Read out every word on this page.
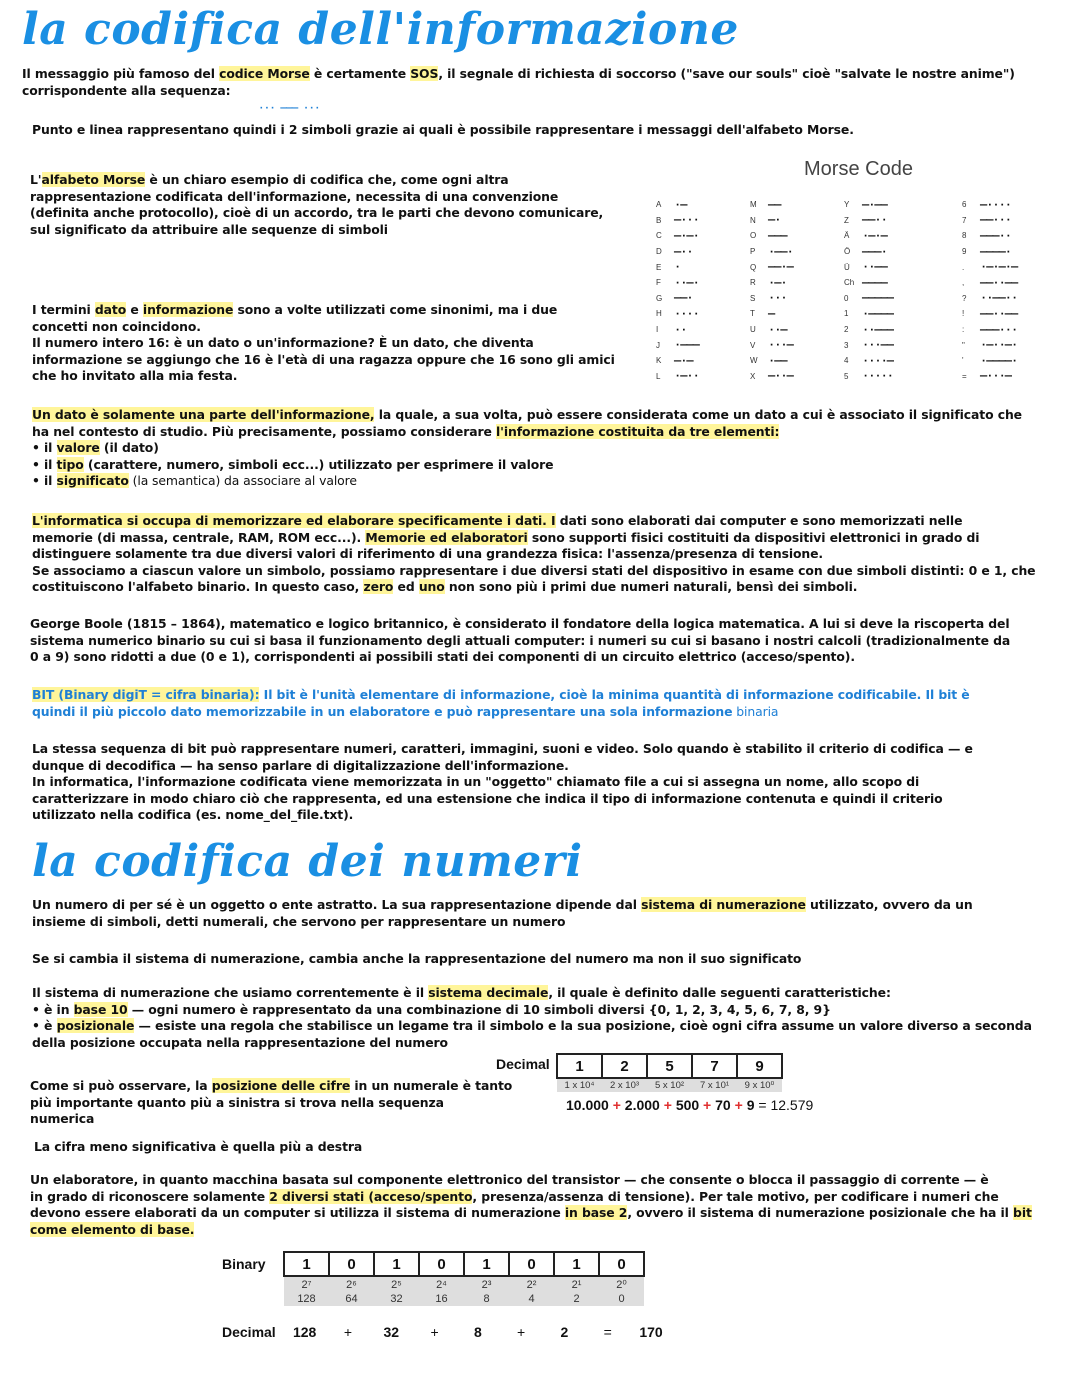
la codifica dell'informazione
Il messaggio più famoso del codice Morse è certamente SOS, il segnale di richiesta di soccorso ("save our souls" cioè "salvate le nostre anime")
corrispondente alla sequenza:
··· ——— ···
Punto e linea rappresentano quindi i 2 simboli grazie ai quali è possibile rappresentare i messaggi dell'alfabeto Morse.
L'alfabeto Morse è un chiaro esempio di codifica che, come ogni altra
rappresentazione codificata dell'informazione, necessita di una convenzione
(definita anche protocollo), cioè di un accordo, tra le parti che devono comunicare,
sul significato da attribuire alle sequenze di simboli
I termini dato e informazione sono a volte utilizzati come sinonimi, ma i due
concetti non coincidono.
Il numero intero 16: è un dato o un'informazione? È un dato, che diventa
informazione se aggiungo che 16 è l'età di una ragazza oppure che 16 sono gli amici
che ho invitato alla mia festa.
Morse Code
A	·—
B	—···
C	—·—·
D	—··
E	·
F	··—·
G ——·
H	····
I	··
J	·———
K	—·—
L	·—··
M ——
N	—·
O ———
P	·——·
Q ——·—
R	·—·
S	···
T	—
U	··—
V	···—
W ·——
X	—··—
Y	—·——
Z	——··
Ä	·—·—
Ö ———·
Ü	··——
Ch ————
0	—————
1	·————
2	··———
3	···——
4	····—
5	·····
6	—····
7	——···
8	———··
9	————·
.	·—·—·—
,	——··——
?	··——··
!	——··——
:	———···
"	·—··—·
'	·————·
=	—···—
Un dato è solamente una parte dell'informazione, la quale, a sua volta, può essere considerata come un dato a cui è associato il significato che
ha nel contesto di studio. Più precisamente, possiamo considerare l'informazione costituita da tre elementi:
• il valore (il dato)
• il tipo (carattere, numero, simboli ecc...) utilizzato per esprimere il valore
• il significato (la semantica) da associare al valore
L'informatica si occupa di memorizzare ed elaborare specificamente i dati. I dati sono elaborati dai computer e sono memorizzati nelle
memorie (di massa, centrale, RAM, ROM ecc...). Memorie ed elaboratori sono supporti fisici costituiti da dispositivi elettronici in grado di
distinguere solamente tra due diversi valori di riferimento di una grandezza fisica: l'assenza/presenza di tensione.
Se associamo a ciascun valore un simbolo, possiamo rappresentare i due diversi stati del dispositivo in esame con due simboli distinti: 0 e 1, che
costituiscono l'alfabeto binario. In questo caso, zero ed uno non sono più i primi due numeri naturali, bensì dei simboli.
George Boole (1815 – 1864), matematico e logico britannico, è considerato il fondatore della logica matematica. A lui si deve la riscoperta del
sistema numerico binario su cui si basa il funzionamento degli attuali computer: i numeri su cui si basano i nostri calcoli (tradizionalmente da
0 a 9) sono ridotti a due (0 e 1), corrispondenti ai possibili stati dei componenti di un circuito elettrico (acceso/spento).
BIT (Binary digiT = cifra binaria): Il bit è l'unità elementare di informazione, cioè la minima quantità di informazione codificabile. Il bit è
quindi il più piccolo dato memorizzabile in un elaboratore e può rappresentare una sola informazione binaria
La stessa sequenza di bit può rappresentare numeri, caratteri, immagini, suoni e video. Solo quando è stabilito il criterio di codifica — e
dunque di decodifica — ha senso parlare di digitalizzazione dell'informazione.
In informatica, l'informazione codificata viene memorizzata in un "oggetto" chiamato file a cui si assegna un nome, allo scopo di
caratterizzare in modo chiaro ciò che rappresenta, ed una estensione che indica il tipo di informazione contenuta e quindi il criterio
utilizzato nella codifica (es. nome_del_file.txt).
la codifica dei numeri
Un numero di per sé è un oggetto o ente astratto. La sua rappresentazione dipende dal sistema di numerazione utilizzato, ovvero da un
insieme di simboli, detti numerali, che servono per rappresentare un numero
Se si cambia il sistema di numerazione, cambia anche la rappresentazione del numero ma non il suo significato
Il sistema di numerazione che usiamo correntemente è il sistema decimale, il quale è definito dalle seguenti caratteristiche:
• è in base 10 — ogni numero è rappresentato da una combinazione di 10 simboli diversi {0, 1, 2, 3, 4, 5, 6, 7, 8, 9}
• è posizionale — esiste una regola che stabilisce un legame tra il simbolo e la sua posizione, cioè ogni cifra assume un valore diverso a seconda
della posizione occupata nella rappresentazione del numero
Decimal 1	2	5	7	9
1 x 10⁴	2 x 10³	5 x 10²	7 x 10¹	9 x 10⁰
10.000 + 2.000 + 500 + 70 + 9 = 12.579
Come si può osservare, la posizione delle cifre in un numerale è tanto
più importante quanto più a sinistra si trova nella sequenza
numerica
La cifra meno significativa è quella più a destra
Un elaboratore, in quanto macchina basata sul componente elettronico del transistor — che consente o blocca il passaggio di corrente — è
in grado di riconoscere solamente 2 diversi stati (acceso/spento, presenza/assenza di tensione). Per tale motivo, per codificare i numeri che
devono essere elaborati da un computer si utilizza il sistema di numerazione in base 2, ovvero il sistema di numerazione posizionale che ha il bit
come elemento di base.
Binary 1	0	1	0	1	0	1	0
2⁷	2⁶	2⁵	2⁴	2³	2²	2¹	2⁰
128	64	32	16	8	4	2	0
Decimal	128	+	32	+	8	+	2	=	170
